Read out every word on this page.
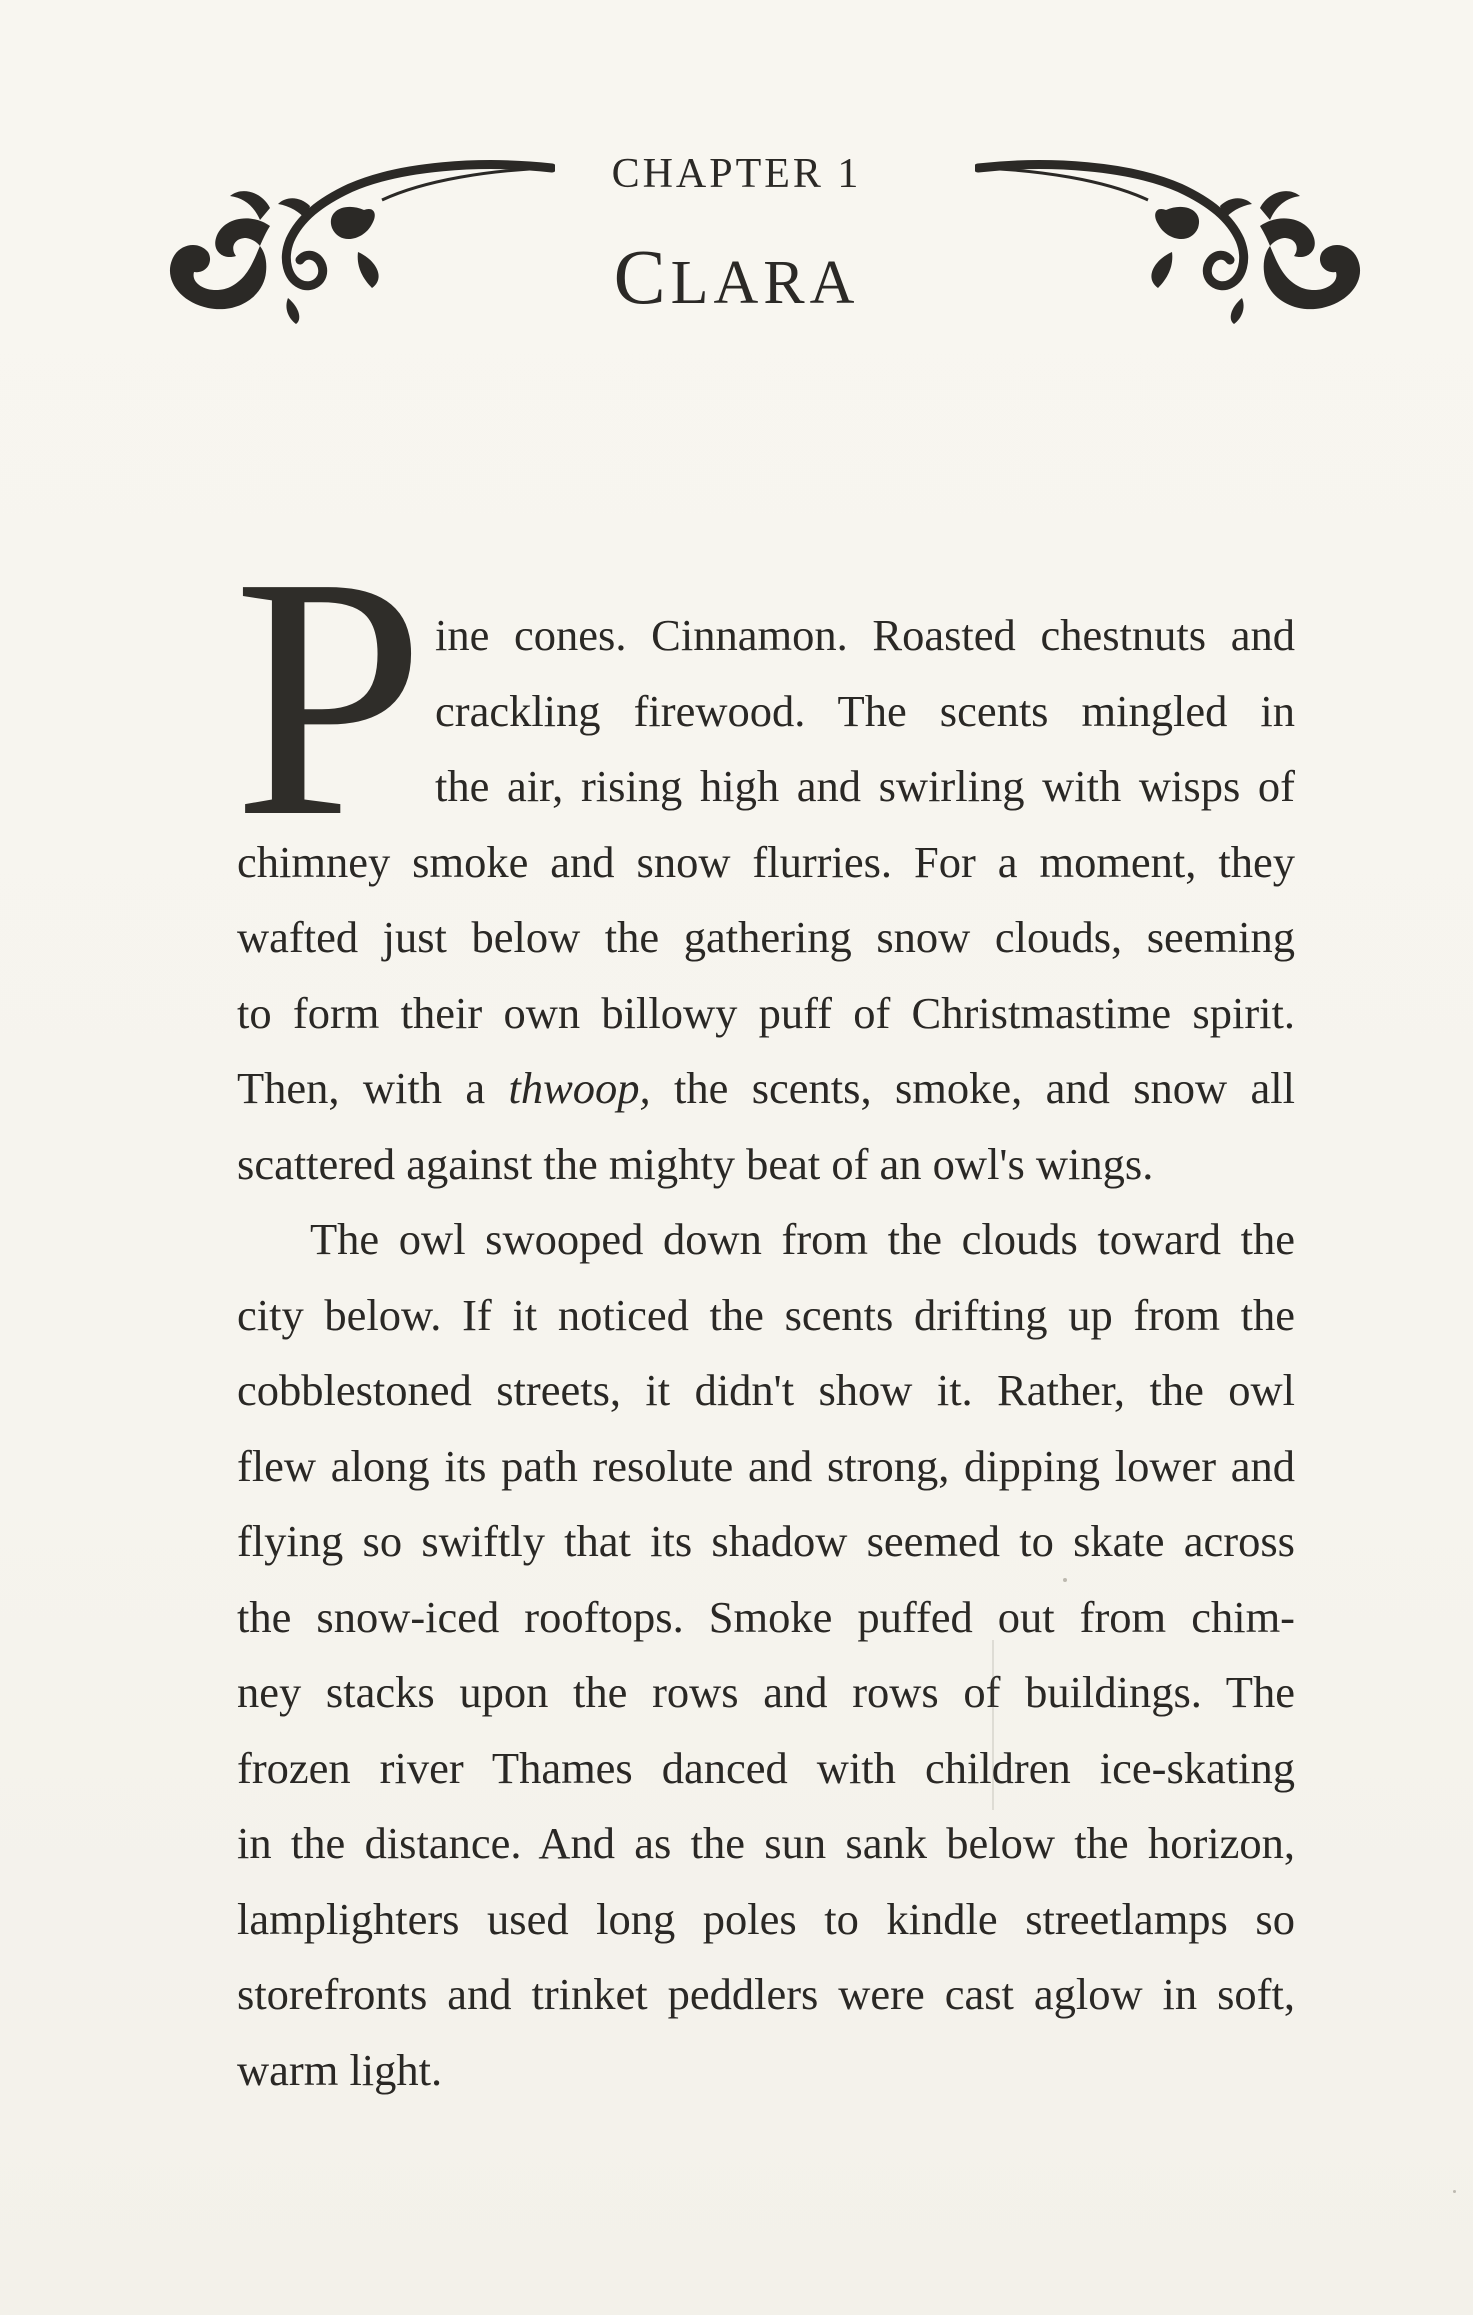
CHAPTER 1
CLARA
P ine cones. Cinnamon. Roasted chestnuts and
crackling firewood. The scents mingled in
the air, rising high and swirling with wisps of
chimney smoke and snow flurries. For a moment, they
wafted just below the gathering snow clouds, seeming
to form their own billowy puff of Christmastime spirit.
Then, with a thwoop, the scents, smoke, and snow all
scattered against the mighty beat of an owl's wings.
The owl swooped down from the clouds toward the
city below. If it noticed the scents drifting up from the
cobblestoned streets, it didn't show it. Rather, the owl
flew along its path resolute and strong, dipping lower and
flying so swiftly that its shadow seemed to skate across
the snow-iced rooftops. Smoke puffed out from chim-
ney stacks upon the rows and rows of buildings. The
frozen river Thames danced with children ice-skating
in the distance. And as the sun sank below the horizon,
lamplighters used long poles to kindle streetlamps so
storefronts and trinket peddlers were cast aglow in soft,
warm light.
